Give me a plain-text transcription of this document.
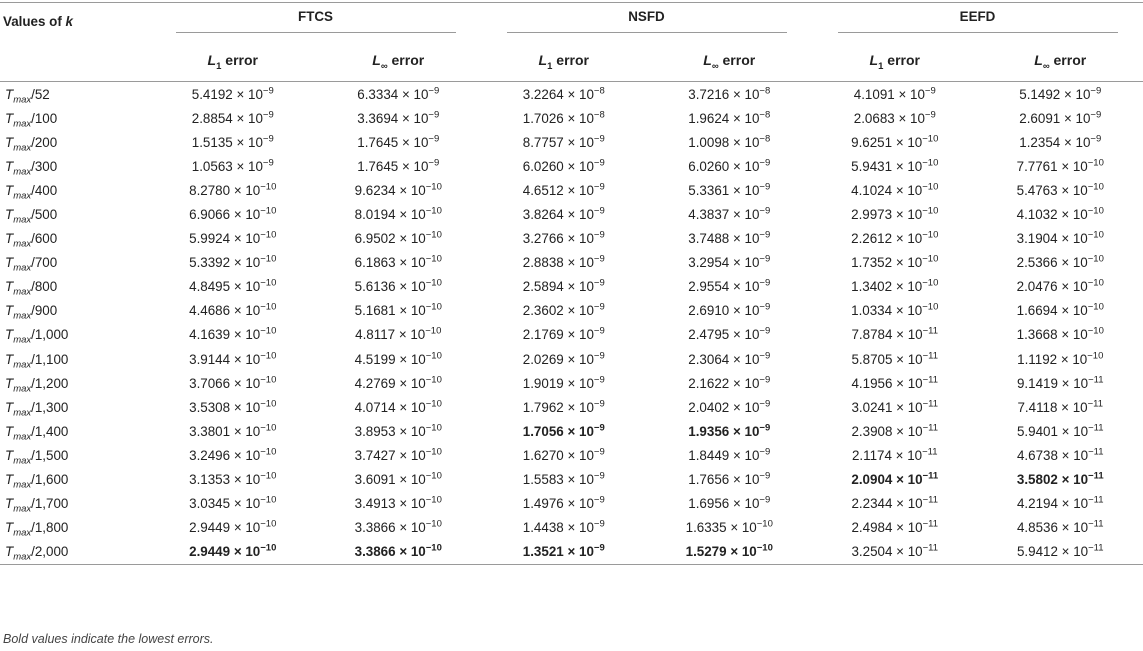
Values of k	FTCS		NSFD		EEFD	

	$L_1$ error	$L_\infty$ error	$L_1$ error	$L_\infty$ error	$L_1$ error	$L_\infty$ error
$T_{max}/52$	$5.4192 \times 10^{-9}$	$6.3334 \times 10^{-9}$	$3.2264 \times 10^{-8}$	$3.7216 \times 10^{-8}$	$4.1091 \times 10^{-9}$	$5.1492 \times 10^{-9}$
$T_{max}/100$	$2.8854 \times 10^{-9}$	$3.3694 \times 10^{-9}$	$1.7026 \times 10^{-8}$	$1.9624 \times 10^{-8}$	$2.0683 \times 10^{-9}$	$2.6091 \times 10^{-9}$
$T_{max}/200$	$1.5135 \times 10^{-9}$	$1.7645 \times 10^{-9}$	$8.7757 \times 10^{-9}$	$1.0098 \times 10^{-8}$	$9.6251 \times 10^{-10}$	$1.2354 \times 10^{-9}$
$T_{max}/300$	$1.0563 \times 10^{-9}$	$1.7645 \times 10^{-9}$	$6.0260 \times 10^{-9}$	$6.0260 \times 10^{-9}$	$5.9431 \times 10^{-10}$	$7.7761 \times 10^{-10}$
$T_{max}/400$	$8.2780 \times 10^{-10}$	$9.6234 \times 10^{-10}$	$4.6512 \times 10^{-9}$	$5.3361 \times 10^{-9}$	$4.1024 \times 10^{-10}$	$5.4763 \times 10^{-10}$
$T_{max}/500$	$6.9066 \times 10^{-10}$	$8.0194 \times 10^{-10}$	$3.8264 \times 10^{-9}$	$4.3837 \times 10^{-9}$	$2.9973 \times 10^{-10}$	$4.1032 \times 10^{-10}$
$T_{max}/600$	$5.9924 \times 10^{-10}$	$6.9502 \times 10^{-10}$	$3.2766 \times 10^{-9}$	$3.7488 \times 10^{-9}$	$2.2612 \times 10^{-10}$	$3.1904 \times 10^{-10}$
$T_{max}/700$	$5.3392 \times 10^{-10}$	$6.1863 \times 10^{-10}$	$2.8838 \times 10^{-9}$	$3.2954 \times 10^{-9}$	$1.7352 \times 10^{-10}$	$2.5366 \times 10^{-10}$
$T_{max}/800$	$4.8495 \times 10^{-10}$	$5.6136 \times 10^{-10}$	$2.5894 \times 10^{-9}$	$2.9554 \times 10^{-9}$	$1.3402 \times 10^{-10}$	$2.0476 \times 10^{-10}$
$T_{max}/900$	$4.4686 \times 10^{-10}$	$5.1681 \times 10^{-10}$	$2.3602 \times 10^{-9}$	$2.6910 \times 10^{-9}$	$1.0334 \times 10^{-10}$	$1.6694 \times 10^{-10}$
$T_{max}/1,000$	$4.1639 \times 10^{-10}$	$4.8117 \times 10^{-10}$	$2.1769 \times 10^{-9}$	$2.4795 \times 10^{-9}$	$7.8784 \times 10^{-11}$	$1.3668 \times 10^{-10}$
$T_{max}/1,100$	$3.9144 \times 10^{-10}$	$4.5199 \times 10^{-10}$	$2.0269 \times 10^{-9}$	$2.3064 \times 10^{-9}$	$5.8705 \times 10^{-11}$	$1.1192 \times 10^{-10}$
$T_{max}/1,200$	$3.7066 \times 10^{-10}$	$4.2769 \times 10^{-10}$	$1.9019 \times 10^{-9}$	$2.1622 \times 10^{-9}$	$4.1956 \times 10^{-11}$	$9.1419 \times 10^{-11}$
$T_{max}/1,300$	$3.5308 \times 10^{-10}$	$4.0714 \times 10^{-10}$	$1.7962 \times 10^{-9}$	$2.0402 \times 10^{-9}$	$3.0241 \times 10^{-11}$	$7.4118 \times 10^{-11}$
$T_{max}/1,400$	$3.3801 \times 10^{-10}$	$3.8953 \times 10^{-10}$	$1.7056 \times 10^{-9}$	$1.9356 \times 10^{-9}$	$2.3908 \times 10^{-11}$	$5.9401 \times 10^{-11}$
$T_{max}/1,500$	$3.2496 \times 10^{-10}$	$3.7427 \times 10^{-10}$	$1.6270 \times 10^{-9}$	$1.8449 \times 10^{-9}$	$2.1174 \times 10^{-11}$	$4.6738 \times 10^{-11}$
$T_{max}/1,600$	$3.1353 \times 10^{-10}$	$3.6091 \times 10^{-10}$	$1.5583 \times 10^{-9}$	$1.7656 \times 10^{-9}$	$2.0904 \times 10^{-11}$	$3.5802 \times 10^{-11}$
$T_{max}/1,700$	$3.0345 \times 10^{-10}$	$3.4913 \times 10^{-10}$	$1.4976 \times 10^{-9}$	$1.6956 \times 10^{-9}$	$2.2344 \times 10^{-11}$	$4.2194 \times 10^{-11}$
$T_{max}/1,800$	$2.9449 \times 10^{-10}$	$3.3866 \times 10^{-10}$	$1.4438 \times 10^{-9}$	$1.6335 \times 10^{-10}$	$2.4984 \times 10^{-11}$	$4.8536 \times 10^{-11}$
$T_{max}/2,000$	$2.9449 \times 10^{-10}$	$3.3866 \times 10^{-10}$	$1.3521 \times 10^{-9}$	$1.5279 \times 10^{-10}$	$3.2504 \times 10^{-11}$	$5.9412 \times 10^{-11}$
Bold values indicate the lowest errors.
